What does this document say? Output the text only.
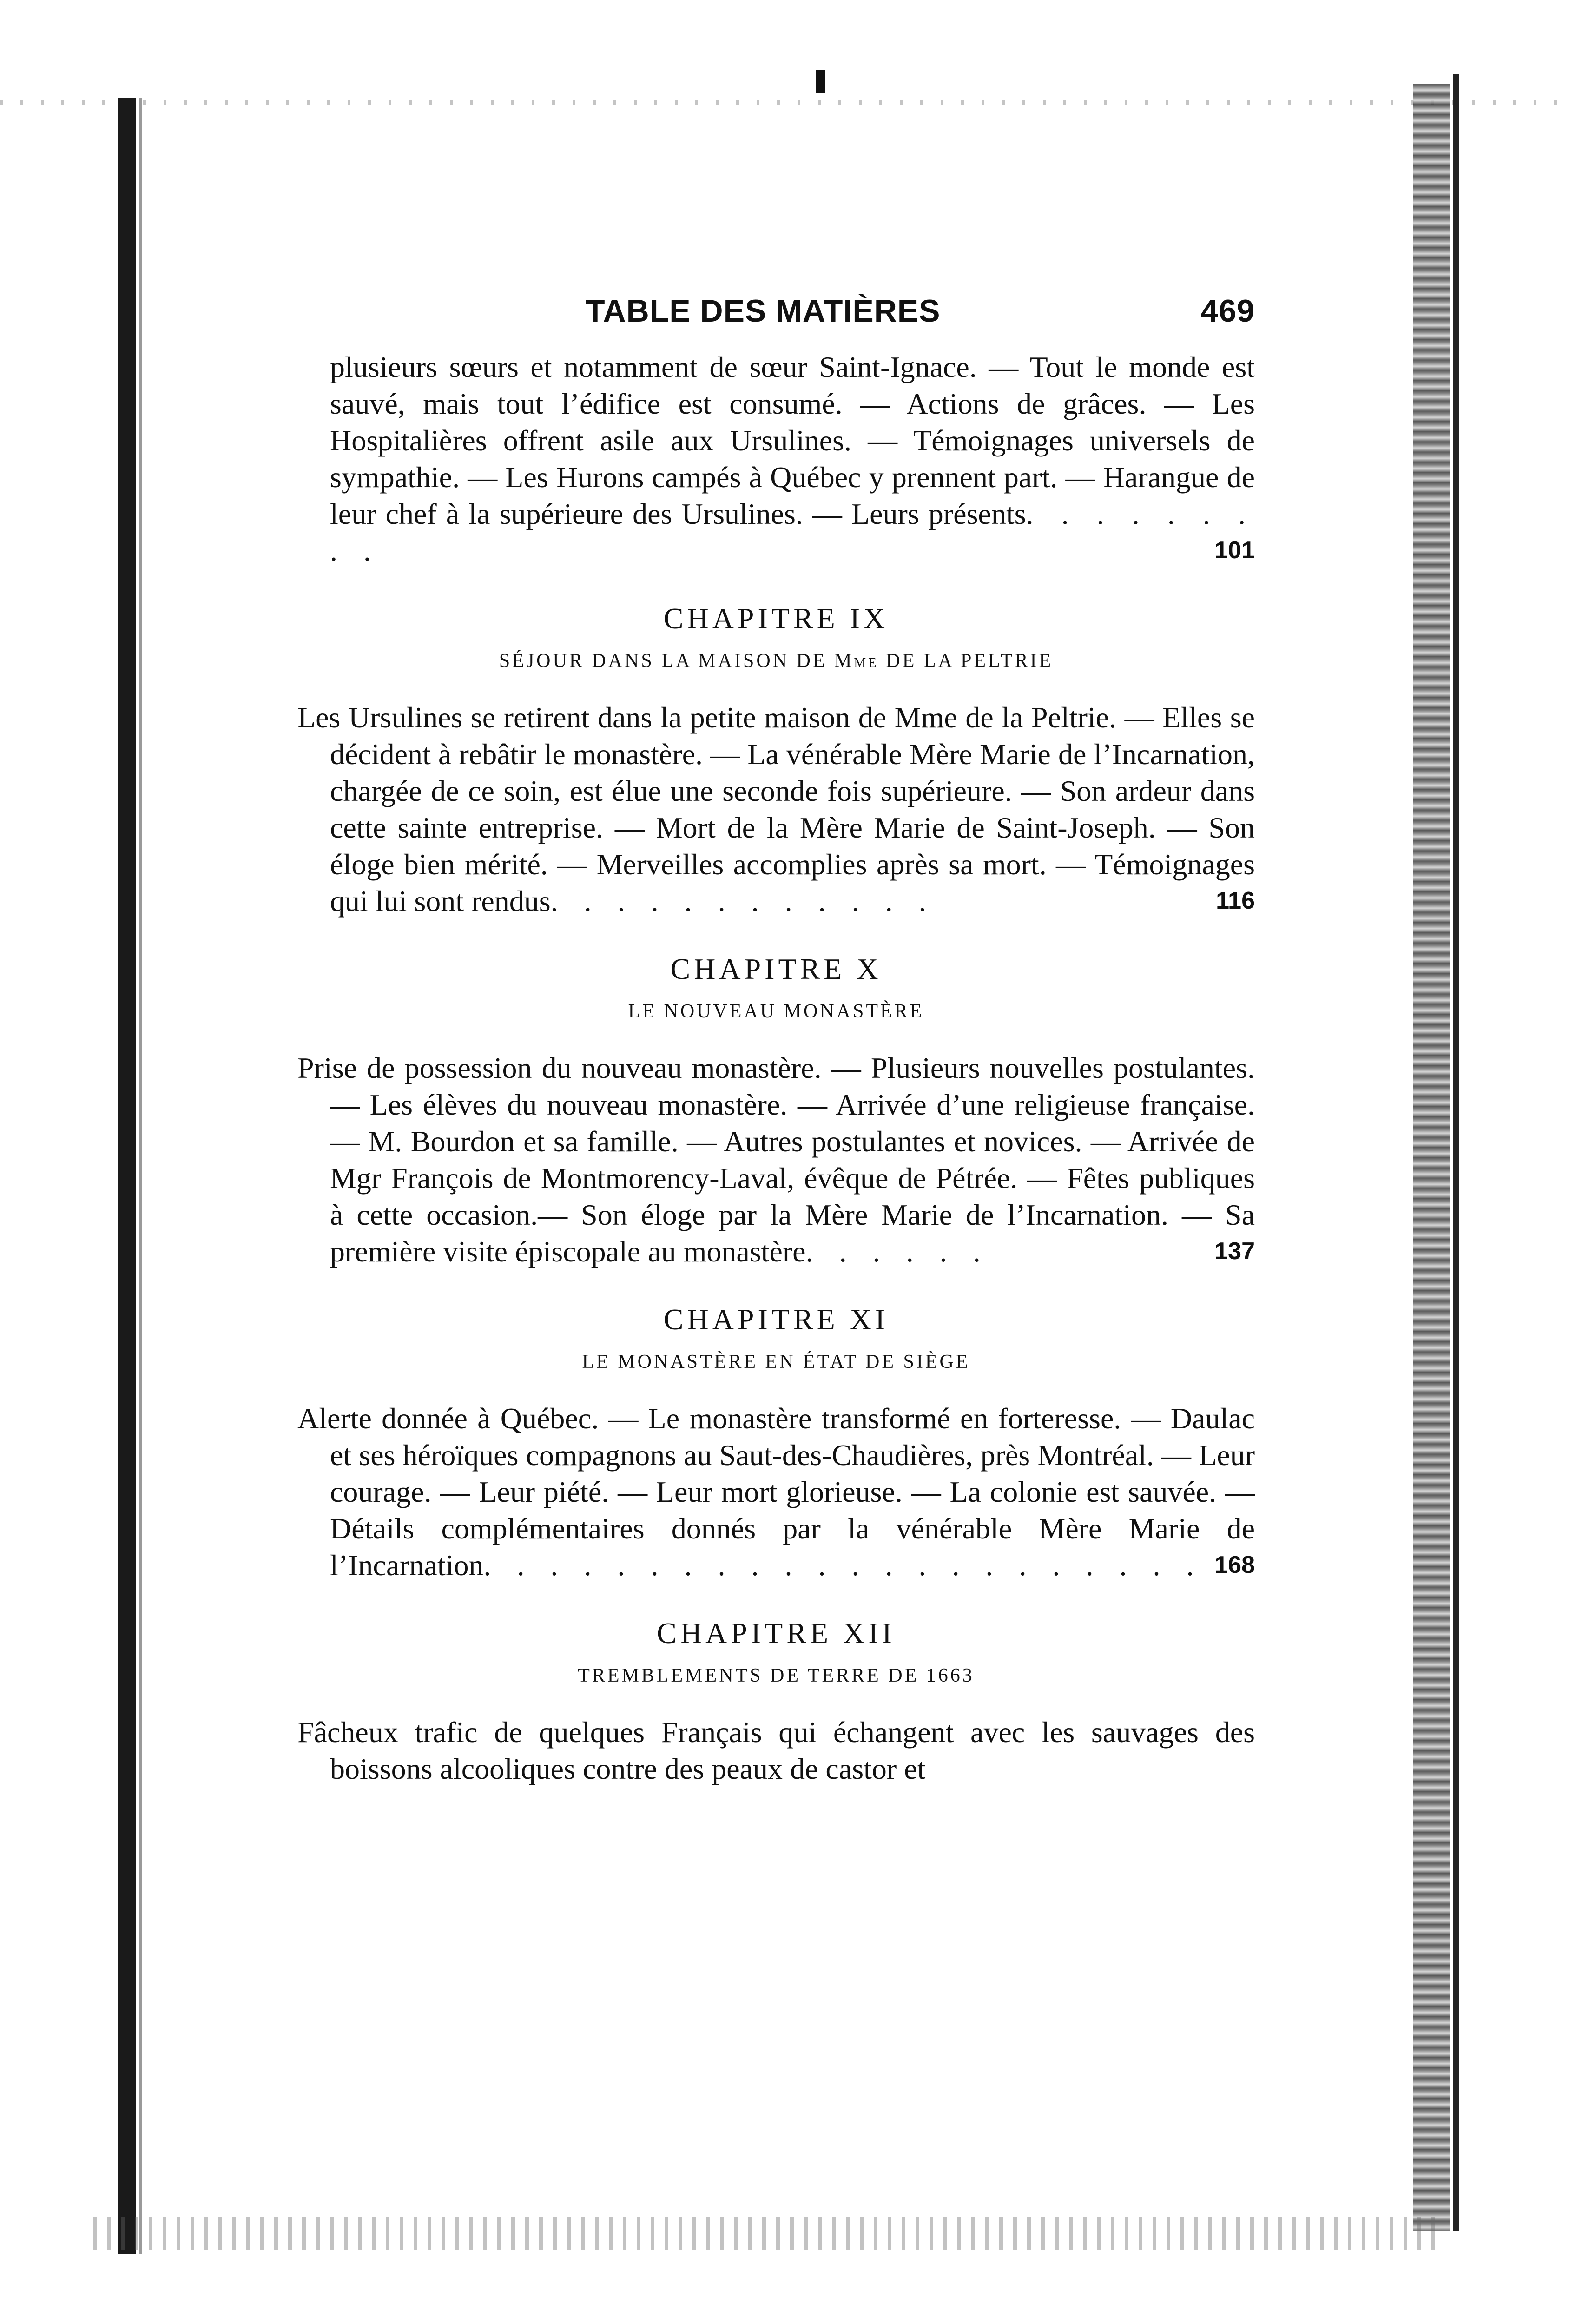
TABLE DES MATIÈRES	469

plusieurs sœurs et notamment de sœur Saint-Ignace. — Tout le monde est sauvé, mais tout l’édifice est consumé. — Actions de grâces. — Les Hospitalières offrent asile aux Ursulines. — Témoignages universels de sympathie. — Les Hurons campés à Québec y prennent part. — Harangue de leur chef à la supérieure des Ursulines. — Leurs présents. . . . . . . . .	101

CHAPITRE IX
SÉJOUR DANS LA MAISON DE Mme DE LA PELTRIE

Les Ursulines se retirent dans la petite maison de Mme de la Peltrie. — Elles se décident à rebâtir le monastère. — La vénérable Mère Marie de l’Incarnation, chargée de ce soin, est élue une seconde fois supérieure. — Son ardeur dans cette sainte entreprise. — Mort de la Mère Marie de Saint-Joseph. — Son éloge bien mérité. — Merveilles accomplies après sa mort. — Témoignages qui lui sont rendus. . . . . . . . . . . .	116

CHAPITRE X
LE NOUVEAU MONASTÈRE

Prise de possession du nouveau monastère. — Plusieurs nouvelles postulantes. — Les élèves du nouveau monastère. — Arrivée d’une religieuse française. — M. Bourdon et sa famille. — Autres postulantes et novices. — Arrivée de Mgr François de Montmorency-Laval, évêque de Pétrée. — Fêtes publiques à cette occasion.— Son éloge par la Mère Marie de l’Incarnation. — Sa première visite épiscopale au monastère. . . . . .	137

CHAPITRE XI
LE MONASTÈRE EN ÉTAT DE SIÈGE

Alerte donnée à Québec. — Le monastère transformé en forteresse. — Daulac et ses héroïques compagnons au Saut-des-Chaudières, près Montréal. — Leur courage. — Leur piété. — Leur mort glorieuse. — La colonie est sauvée. — Détails complémentaires donnés par la vénérable Mère Marie de l’Incarnation. . . . . . . . . . . . . . . . . . . . . . 168

CHAPITRE XII
TREMBLEMENTS DE TERRE DE 1663

Fâcheux trafic de quelques Français qui échangent avec les sauvages des boissons alcooliques contre des peaux de castor et
